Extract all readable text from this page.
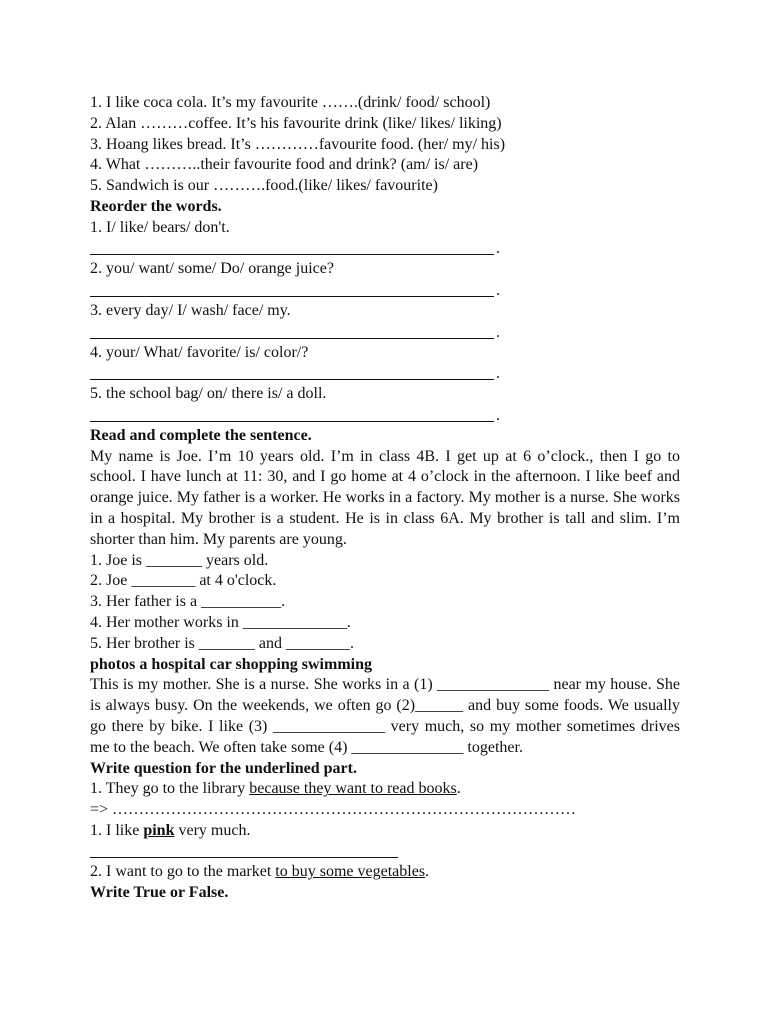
1. I like coca cola. It’s my favourite …….(drink/ food/ school)
2. Alan ………coffee. It’s his favourite drink (like/ likes/ liking)
3. Hoang likes bread. It’s …………favourite food. (her/ my/ his)
4. What ………..their favourite food and drink? (am/ is/ are)
5. Sandwich is our ……….food.(like/ likes/ favourite)
Reorder the words.
1. I/ like/ bears/ don't.
.
2. you/ want/ some/ Do/ orange juice?
.
3. every day/ I/ wash/ face/ my.
.
4. your/ What/ favorite/ is/ color/?
.
5. the school bag/ on/ there is/ a doll.
.
Read and complete the sentence.
My name is Joe. I’m 10 years old. I’m in class 4B. I get up at 6 o’clock., then I go to school. I have lunch at 11: 30, and I go home at 4 o’clock in the afternoon. I like beef and orange juice. My father is a worker. He works in a factory. My mother is a nurse. She works in a hospital. My brother is a student. He is in class 6A. My brother is tall and slim. I’m shorter than him. My parents are young.
1. Joe is _______ years old.
2. Joe ________ at 4 o'clock.
3. Her father is a __________.
4. Her mother works in _____________.
5. Her brother is _______ and ________.
photos a hospital car shopping swimming
This is my mother. She is a nurse. She works in a (1) ______________ near my house. She is always busy. On the weekends, we often go (2)______ and buy some foods. We usually go there by bike. I like (3) ______________ very much, so my mother sometimes drives me to the beach. We often take some (4) ______________ together.
Write question for the underlined part.
1. They go to the library because they want to read books.
=> ……………………………………………………………………………
1. I like pink very much.
2. I want to go to the market to buy some vegetables.
Write True or False.
